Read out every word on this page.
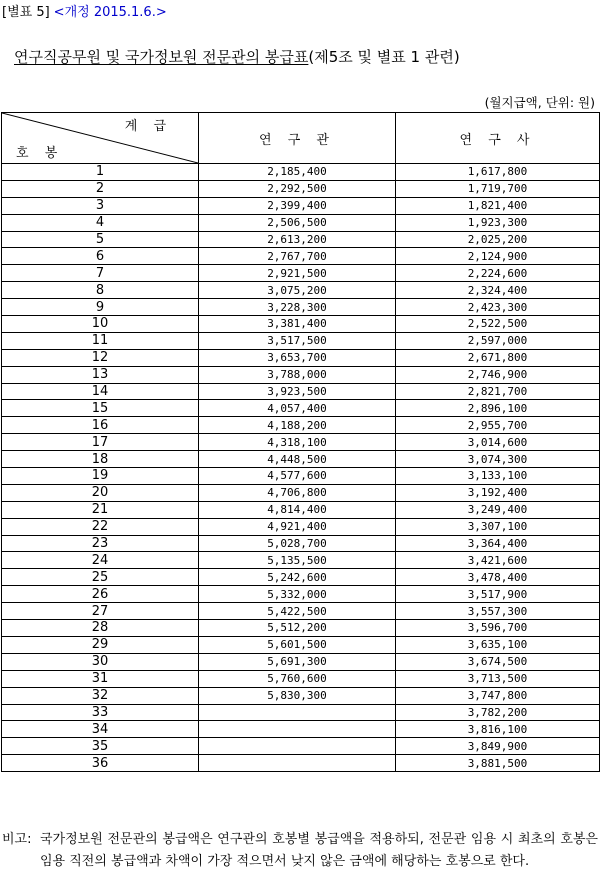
[별표 5] <개정 2015.1.6.>
연구직공무원 및 국가정보원 전문관의 봉급표(제5조 및 별표 1 관련)
(월지급액, 단위: 원)
계 급
호 봉	연 구 관	연 구 사
1	2,185,400	1,617,800
2	2,292,500	1,719,700
3	2,399,400	1,821,400
4	2,506,500	1,923,300
5	2,613,200	2,025,200
6	2,767,700	2,124,900
7	2,921,500	2,224,600
8	3,075,200	2,324,400
9	3,228,300	2,423,300
10	3,381,400	2,522,500
11	3,517,500	2,597,000
12	3,653,700	2,671,800
13	3,788,000	2,746,900
14	3,923,500	2,821,700
15	4,057,400	2,896,100
16	4,188,200	2,955,700
17	4,318,100	3,014,600
18	4,448,500	3,074,300
19	4,577,600	3,133,100
20	4,706,800	3,192,400
21	4,814,400	3,249,400
22	4,921,400	3,307,100
23	5,028,700	3,364,400
24	5,135,500	3,421,600
25	5,242,600	3,478,400
26	5,332,000	3,517,900
27	5,422,500	3,557,300
28	5,512,200	3,596,700
29	5,601,500	3,635,100
30	5,691,300	3,674,500
31	5,760,600	3,713,500
32	5,830,300	3,747,800
33		3,782,200
34		3,816,100
35		3,849,900
36		3,881,500
비고: 국가정보원 전문관의 봉급액은 연구관의 호봉별 봉급액을 적용하되, 전문관 임용 시 최초의 호봉은 임용 직전의 봉급액과 차액이 가장 적으면서 낮지 않은 금액에 해당하는 호봉으로 한다.
